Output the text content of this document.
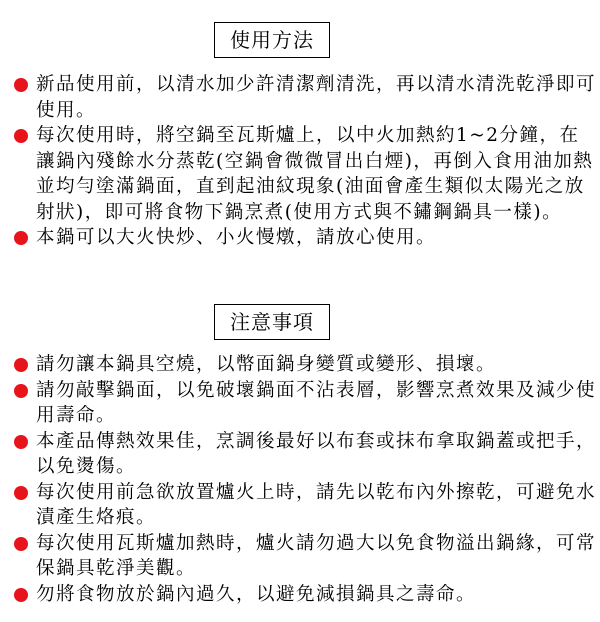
使用方法
新品使用前，以清水加少許清潔劑清洗，再以清水清洗乾淨即可使用。
每次使用時，將空鍋至瓦斯爐上，以中火加熱約1~2分鐘，在讓鍋內殘餘水分蒸乾(空鍋會微微冒出白煙)，再倒入食用油加熱並均勻塗滿鍋面，直到起油紋現象(油面會產生類似太陽光之放射狀)，即可將食物下鍋烹煮(使用方式與不鏽鋼鍋具一樣)。
本鍋可以大火快炒、小火慢燉，請放心使用。
注意事項
請勿讓本鍋具空燒，以幣面鍋身變質或變形、損壞。
請勿敲擊鍋面，以免破壞鍋面不沾表層，影響烹煮效果及減少使用壽命。
本產品傳熱效果佳，烹調後最好以布套或抹布拿取鍋蓋或把手，以免燙傷。
每次使用前急欲放置爐火上時，請先以乾布內外擦乾，可避免水漬產生烙痕。
每次使用瓦斯爐加熱時，爐火請勿過大以免食物溢出鍋緣，可常保鍋具乾淨美觀。
勿將食物放於鍋內過久，以避免減損鍋具之壽命。
